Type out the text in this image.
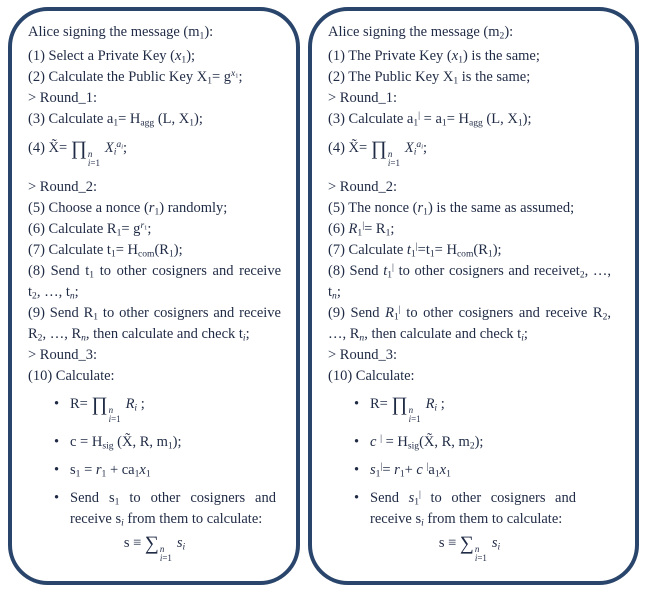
Alice signing the message $(m_1)$:
(1) Select a Private Key $(x_1)$;
(2) Calculate the Public Key $X_1= g^{x_1}$;
> Round_1:
(3) Calculate $a_1= H_{agg}$ (L, $X_1$);
(4) X̃= ∏ n
i=1
 $X_i^{a_i}$;
> Round_2:
(5) Choose a nonce $(r_1)$ randomly;
(6) Calculate $R_1= g^{r_1}$;
(7) Calculate $t_1= H_{com}(R_1)$;
(8) Send $t_1$ to other cosigners and receive $t_2$, …, $t_n$;
(9) Send $R_1$ to other cosigners and receive $R_2$, …, $R_n$, then calculate and check $t_i$;
> Round_3:
(10) Calculate:
• R= ∏ n
i=1
 $R_i$ ;
• $c = H_{sig}$ (X̃, R, $m_1$);
• $s_1 = r_1 + ca_1x_1$
• Send $s_1$ to other cosigners and receive $s_i$ from them to calculate:
s ≡ ∑ n
i=1
 $s_i$
Alice signing the message $(m_2)$:
(1) The Private Key $(x_1)$ is the same;
(2) The Public Key $X_1$ is the same;
> Round_1:
(3) Calculate $a_1^| = a_1= H_{agg}$ (L, $X_1$);
(4) X̃= ∏ n
i=1
 $X_i^{a_i}$;
> Round_2:
(5) The nonce $(r_1)$ is the same as assumed;
(6) $R_1^|= R_1$;
(7) Calculate $t_1^|=t_1= H_{com}(R_1)$;
(8) Send $t_1^|$ to other cosigners and receivet$_2$, …, $t_n$;
(9) Send $R_1^|$ to other cosigners and receive $R_2$, …, $R_n$, then calculate and check $t_i$;
> Round_3:
(10) Calculate:
• R= ∏ n
i=1
 $R_i$ ;
• c $^| = H_{sig}(X̃$, R, $m_2$);
• $s_1^|= r_1+ c$ $^|a_1x_1$
• Send $s_1^|$ to other cosigners and receive $s_i$ from them to calculate:
s ≡ ∑ n
i=1
 $s_i$
